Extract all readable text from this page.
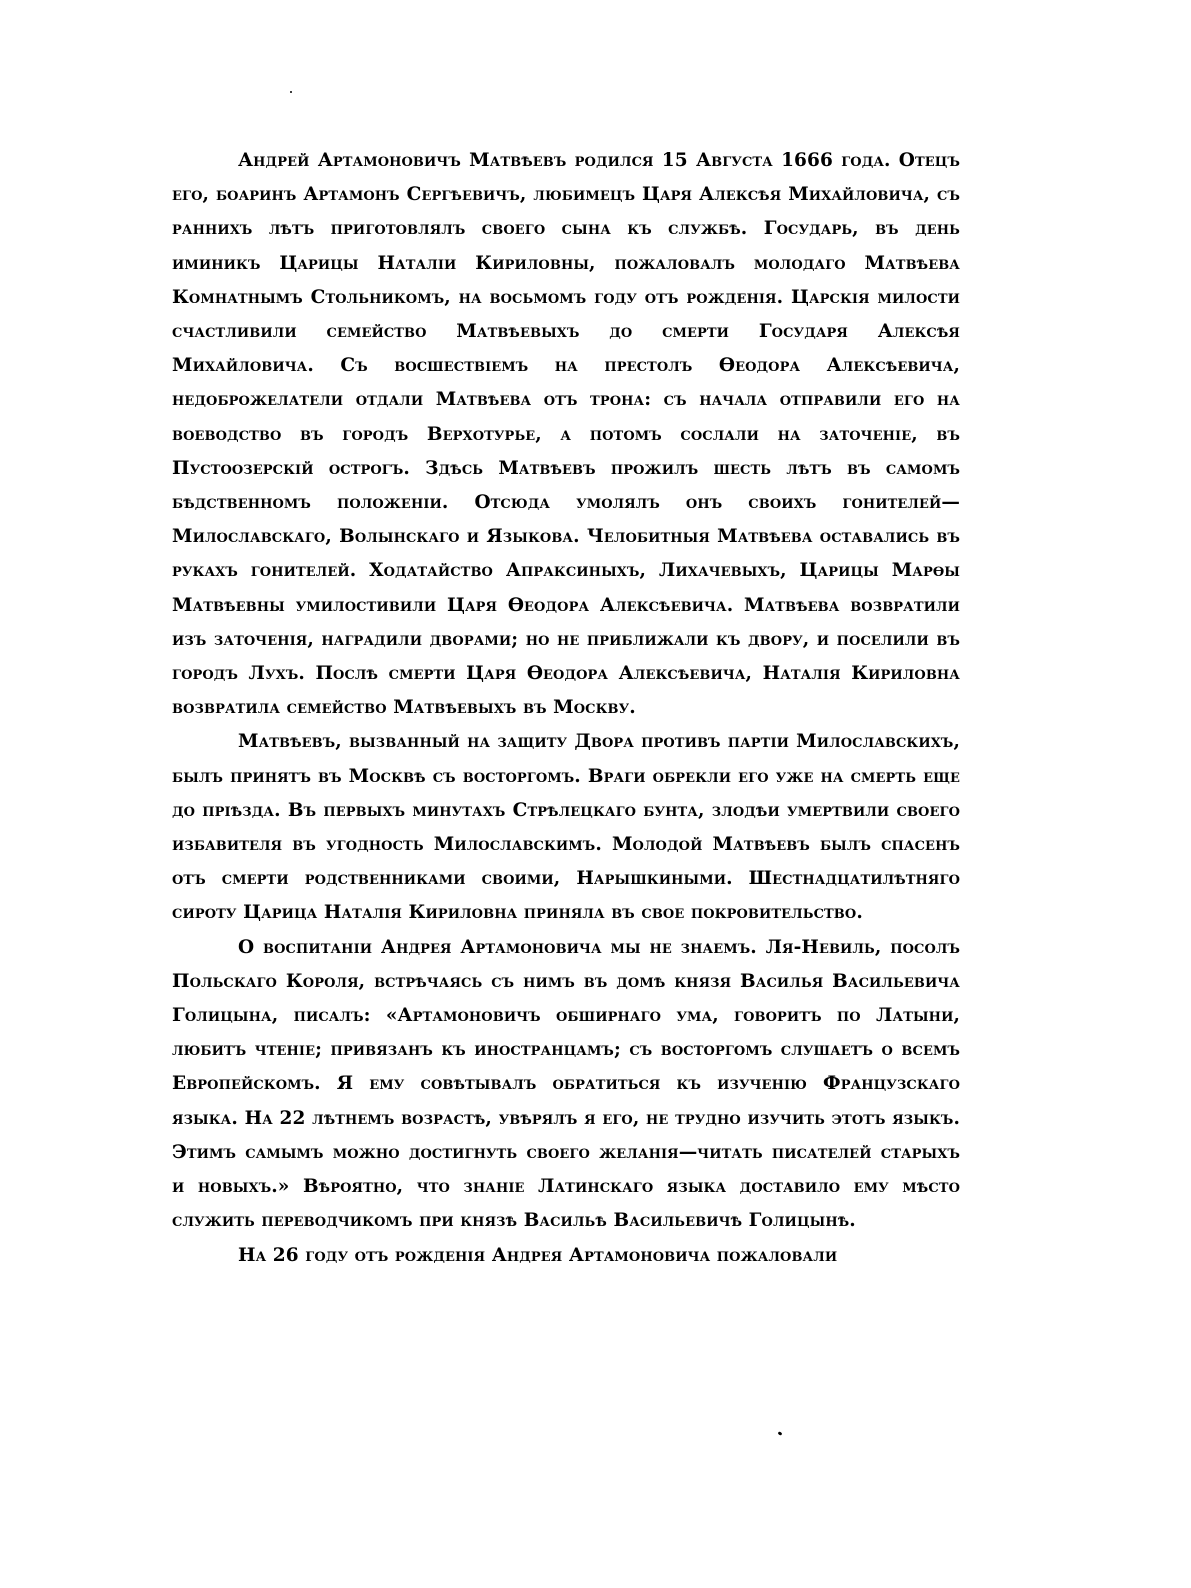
Андрей Артамоновичъ Матвѣевъ родился 15 Августа 1666 года. Отецъ его, боаринъ Артамонъ Сергѣевичъ, любимецъ Царя Алексѣя Михайловича, съ раннихъ лѣтъ приготовлялъ своего сына къ службѣ. Государь, въ день иминикъ Царицы Наталіи Кириловны, пожаловалъ молодаго Матвѣева Комнатнымъ Стольникомъ, на восьмомъ году отъ рожденія. Царскія милости счастливили семейство Матвѣевыхъ до смерти Государя Алексѣя Михайловича. Съ восшествіемъ на престолъ Өеодора Алексѣевича, недоброжелатели отдали Матвѣева отъ трона: съ начала отправили его на воеводство въ городъ Верхотурье, а потомъ сослали на заточеніе, въ Пустоозерскій острогъ. Здѣсь Матвѣевъ прожилъ шесть лѣтъ въ самомъ бѣдственномъ положеніи. Отсюда умолялъ онъ своихъ гонителей—Милославскаго, Волынскаго и Языкова. Челобитныя Матвѣева оставались въ рукахъ гонителей. Ходатайство Апраксиныхъ, Лихачевыхъ, Царицы Марөы Матвѣевны умилостивили Царя Өеодора Алексѣевича. Матвѣева возвратили изъ заточенія, наградили дворами; но не приближали къ двору, и поселили въ городъ Лухъ. Послѣ смерти Царя Өеодора Алексѣевича, Наталія Кириловна возвратила семейство Матвѣевыхъ въ Москву.

Матвѣевъ, вызванный на защиту Двора противъ партіи Милославскихъ, былъ принятъ въ Москвѣ съ восторгомъ. Враги обрекли его уже на смерть еще до пріѣзда. Въ первыхъ минутахъ Стрѣлецкаго бунта, злодѣи умертвили своего избавителя въ угодность Милославскимъ. Молодой Матвѣевъ былъ спасенъ отъ смерти родственниками своими, Нарышкиными. Шестнадцатилѣтняго сироту Царица Наталія Кириловна приняла въ свое покровительство.

О воспитаніи Андрея Артамоновича мы не знаемъ. Ля-Невиль, посолъ Польскаго Короля, встрѣчаясь съ нимъ въ домѣ князя Василья Васильевича Голицына, писалъ: «Артамоновичъ обширнаго ума, говоритъ по Латыни, любитъ чтеніе; привязанъ къ иностранцамъ; съ восторгомъ слушаетъ о всемъ Европейскомъ. Я ему совѣтывалъ обратиться къ изученію Французскаго языка. На 22 лѣтнемъ возрастѣ, увѣрялъ я его, не трудно изучить этотъ языкъ. Этимъ самымъ можно достигнуть своего желанія—читать писателей старыхъ и новыхъ.» Вѣроятно, что знаніе Латинскаго языка доставило ему мѣсто служить переводчикомъ при князѣ Васильѣ Васильевичѣ Голицынѣ.

На 26 году отъ рожденія Андрея Артамоновича пожаловали
